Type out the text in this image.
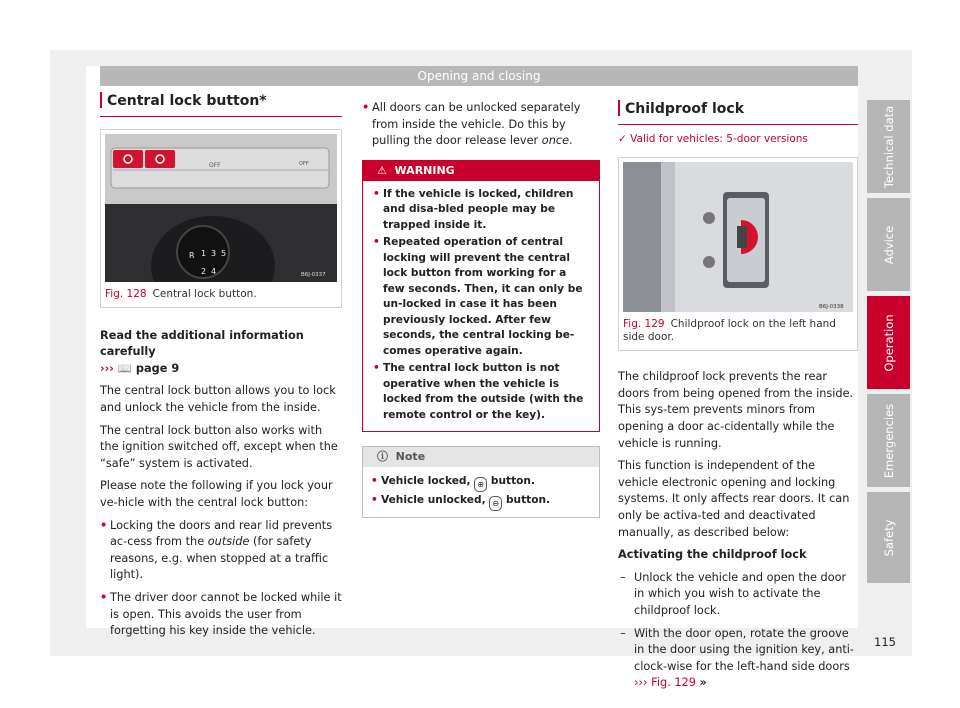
Opening and closing
Central lock button*
OFF	OFF
R 1 3 5
2 4	B6J-0337
Fig. 128 Central lock button.

Read the additional information carefully
››› 📖 page 9

The central lock button allows you to lock and unlock the vehicle from the inside.

The central lock button also works with the ignition switched off, except when the “safe” system is activated.

Please note the following if you lock your ve-hicle with the central lock button:

• Locking the doors and rear lid prevents ac-cess from the outside (for safety reasons, e.g. when stopped at a traffic light).

• The driver door cannot be locked while it is open. This avoids the user from forgetting his key inside the vehicle.

• All doors can be unlocked separately from inside the vehicle. Do this by pulling the door release lever once.

⚠ WARNING
• If the vehicle is locked, children and disa-bled people may be trapped inside it.
• Repeated operation of central locking will prevent the central lock button from working for a few seconds. Then, it can only be un-locked in case it has been previously locked. After few seconds, the central locking be-comes operative again.
• The central lock button is not operative when the vehicle is locked from the outside (with the remote control or the key).
ⓘ Note
• Vehicle locked, ⊕ button.
• Vehicle unlocked, ⊖ button.
Childproof lock

✓ Valid for vehicles: 5-door versions

B6J-0338
Fig. 129 Childproof lock on the left hand side door.

The childproof lock prevents the rear doors from being opened from the inside. This sys-tem prevents minors from opening a door ac-cidentally while the vehicle is running.

This function is independent of the vehicle electronic opening and locking systems. It only affects rear doors. It can only be activa-ted and deactivated manually, as described below:

Activating the childproof lock

– Unlock the vehicle and open the door in which you wish to activate the childproof lock.

– With the door open, rotate the groove in the door using the ignition key, anti-clock-wise for the left-hand side doors ››› Fig. 129 »

Technical data
Advice
Operation
Emergencies
Safety
115
